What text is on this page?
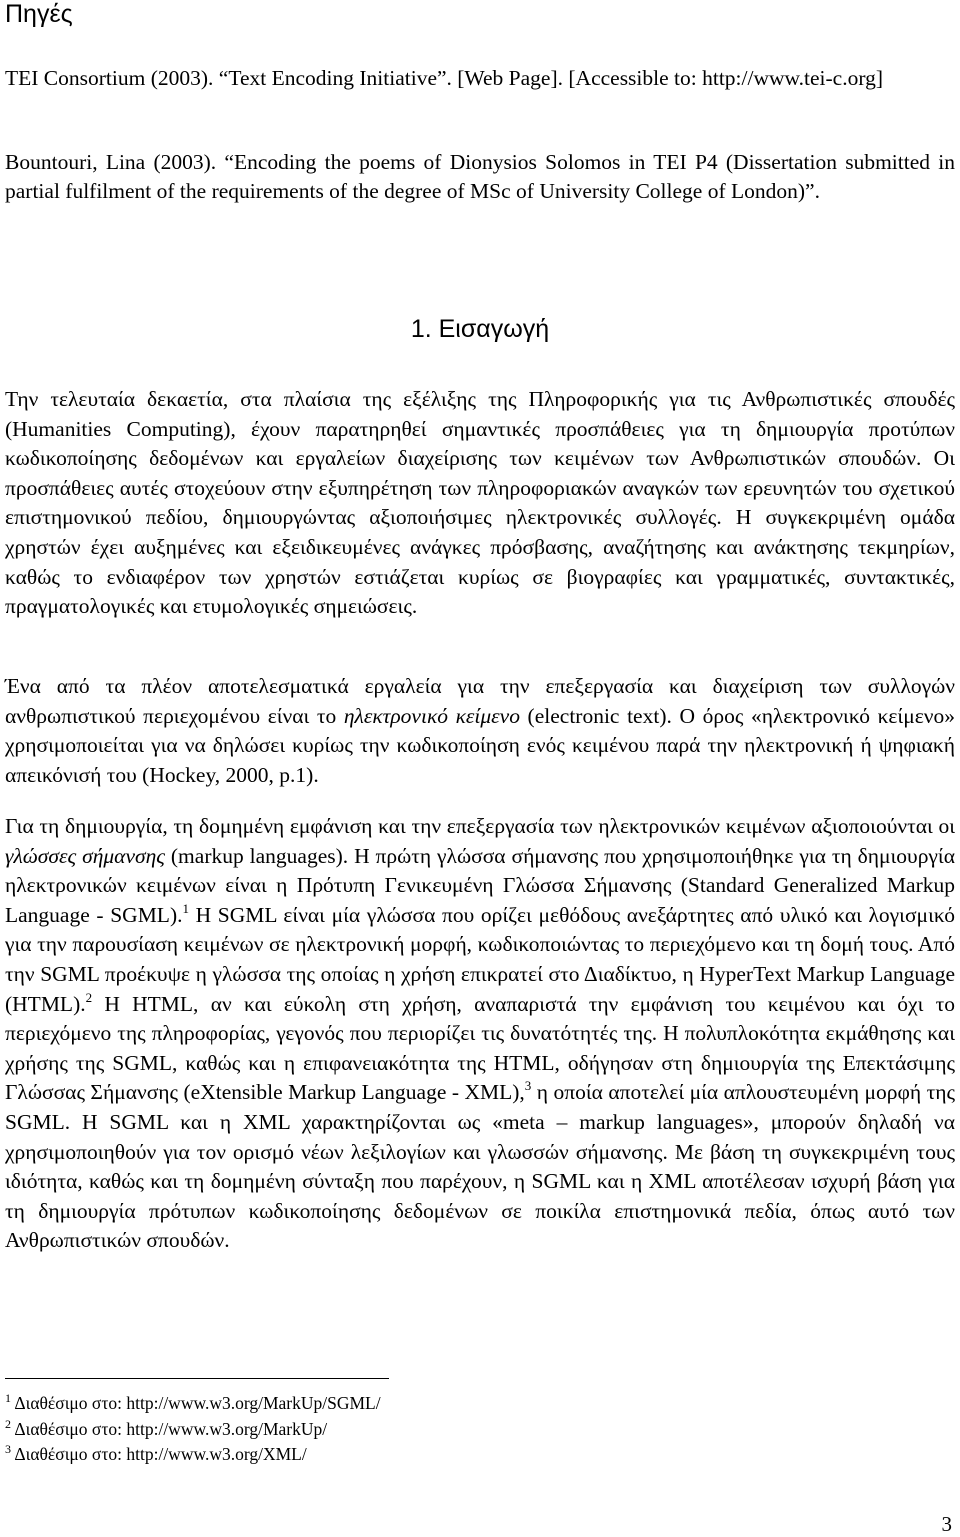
Πηγές

TEI Consortium (2003). “Text Encoding Initiative”. [Web Page]. [Accessible to: http://www.tei-c.org]

Bountouri, Lina (2003). “Encoding the poems of Dionysios Solomos in TEI P4 (Dissertation submitted in partial fulfilment of the requirements of the degree of MSc of University College of London)”.

1. Εισαγωγή

Την τελευταία δεκαετία, στα πλαίσια της εξέλιξης της Πληροφορικής για τις Ανθρωπιστικές σπουδές (Humanities Computing), έχουν παρατηρηθεί σημαντικές προσπάθειες για τη δημιουργία προτύπων κωδικοποίησης δεδομένων και εργαλείων διαχείρισης των κειμένων των Ανθρωπιστικών σπουδών. Οι προσπάθειες αυτές στοχεύουν στην εξυπηρέτηση των πληροφοριακών αναγκών των ερευνητών του σχετικού επιστημονικού πεδίου, δημιουργώντας αξιοποιήσιμες ηλεκτρονικές συλλογές. Η συγκεκριμένη ομάδα χρηστών έχει αυξημένες και εξειδικευμένες ανάγκες πρόσβασης, αναζήτησης και ανάκτησης τεκμηρίων, καθώς το ενδιαφέρον των χρηστών εστιάζεται κυρίως σε βιογραφίες και γραμματικές, συντακτικές, πραγματολογικές και ετυμολογικές σημειώσεις.

Ένα από τα πλέον αποτελεσματικά εργαλεία για την επεξεργασία και διαχείριση των συλλογών ανθρωπιστικού περιεχομένου είναι το ηλεκτρονικό κείμενο (electronic text). Ο όρος «ηλεκτρονικό κείμενο» χρησιμοποιείται για να δηλώσει κυρίως την κωδικοποίηση ενός κειμένου παρά την ηλεκτρονική ή ψηφιακή απεικόνισή του (Hockey, 2000, p.1).

Για τη δημιουργία, τη δομημένη εμφάνιση και την επεξεργασία των ηλεκτρονικών κειμένων αξιοποιούνται οι γλώσσες σήμανσης (markup languages). Η πρώτη γλώσσα σήμανσης που χρησιμοποιήθηκε για τη δημιουργία ηλεκτρονικών κειμένων είναι η Πρότυπη Γενικευμένη Γλώσσα Σήμανσης (Standard Generalized Markup Language - SGML).$^1$ Η SGML είναι μία γλώσσα που ορίζει μεθόδους ανεξάρτητες από υλικό και λογισμικό για την παρουσίαση κειμένων σε ηλεκτρονική μορφή, κωδικοποιώντας το περιεχόμενο και τη δομή τους. Από την SGML προέκυψε η γλώσσα της οποίας η χρήση επικρατεί στο Διαδίκτυο, η HyperText Markup Language (HTML).$^2$ Η HTML, αν και εύκολη στη χρήση, αναπαριστά την εμφάνιση του κειμένου και όχι το περιεχόμενο της πληροφορίας, γεγονός που περιορίζει τις δυνατότητές της. Η πολυπλοκότητα εκμάθησης και χρήσης της SGML, καθώς και η επιφανειακότητα της HTML, οδήγησαν στη δημιουργία της Επεκτάσιμης Γλώσσας Σήμανσης (eXtensible Markup Language - XML),$^3$ η οποία αποτελεί μία απλουστευμένη μορφή της SGML. Η SGML και η XML χαρακτηρίζονται ως «meta – markup languages», μπορούν δηλαδή να χρησιμοποιηθούν για τον ορισμό νέων λεξιλογίων και γλωσσών σήμανσης. Με βάση τη συγκεκριμένη τους ιδιότητα, καθώς και τη δομημένη σύνταξη που παρέχουν, η SGML και η XML αποτέλεσαν ισχυρή βάση για τη δημιουργία πρότυπων κωδικοποίησης δεδομένων σε ποικίλα επιστημονικά πεδία, όπως αυτό των Ανθρωπιστικών σπουδών.

$^1$ Διαθέσιμο στο: http://www.w3.org/MarkUp/SGML/

$^2$ Διαθέσιμο στο: http://www.w3.org/MarkUp/

$^3$ Διαθέσιμο στο: http://www.w3.org/XML/

3
